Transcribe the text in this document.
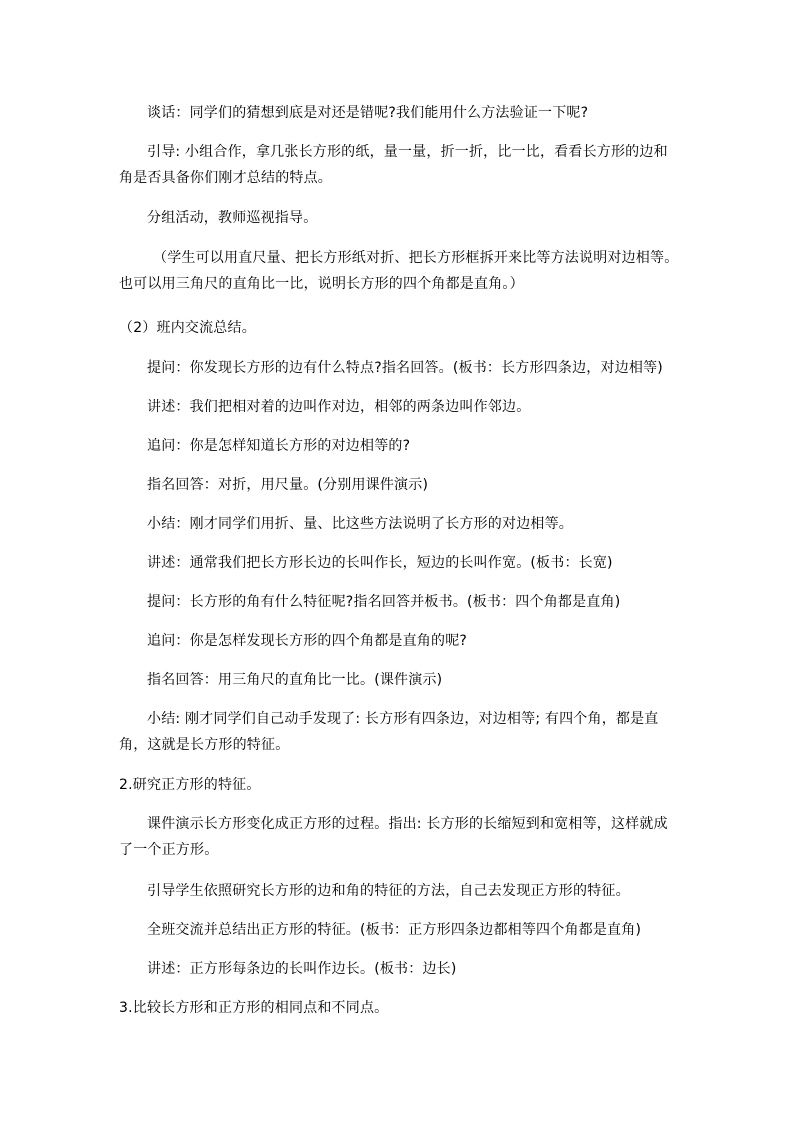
谈话：同学们的猜想到底是对还是错呢?我们能用什么方法验证一下呢?

引导: 小组合作，拿几张长方形的纸，量一量，折一折，比一比，看看长方形的边和角是否具备你们刚才总结的特点。

分组活动，教师巡视指导。

（学生可以用直尺量、把长方形纸对折、把长方形框拆开来比等方法说明对边相等。也可以用三角尺的直角比一比，说明长方形的四个角都是直角。）

（2）班内交流总结。

提问：你发现长方形的边有什么特点?指名回答。(板书：长方形四条边，对边相等)

讲述：我们把相对着的边叫作对边，相邻的两条边叫作邻边。

追问：你是怎样知道长方形的对边相等的?

指名回答：对折，用尺量。(分别用课件演示)

小结：刚才同学们用折、量、比这些方法说明了长方形的对边相等。

讲述：通常我们把长方形长边的长叫作长，短边的长叫作宽。(板书：长宽)

提问：长方形的角有什么特征呢?指名回答并板书。(板书：四个角都是直角)

追问：你是怎样发现长方形的四个角都是直角的呢?

指名回答：用三角尺的直角比一比。(课件演示)

小结: 刚才同学们自己动手发现了: 长方形有四条边，对边相等; 有四个角，都是直角，这就是长方形的特征。

2.研究正方形的特征。

课件演示长方形变化成正方形的过程。指出: 长方形的长缩短到和宽相等，这样就成了一个正方形。

引导学生依照研究长方形的边和角的特征的方法，自己去发现正方形的特征。

全班交流并总结出正方形的特征。(板书：正方形四条边都相等四个角都是直角)

讲述：正方形每条边的长叫作边长。(板书：边长)

3.比较长方形和正方形的相同点和不同点。
